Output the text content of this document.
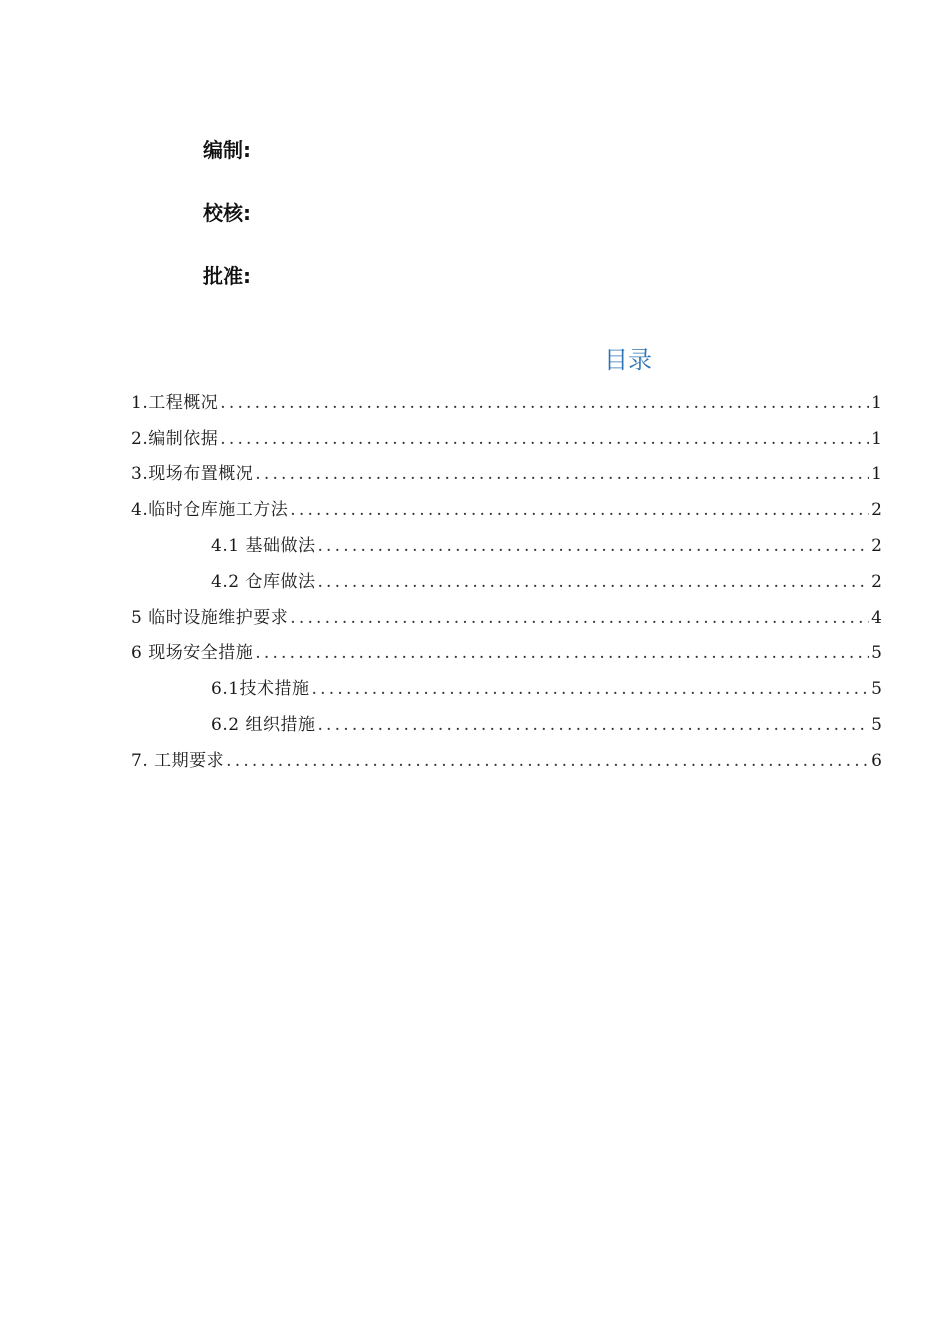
编制:
校核:
批准:
目录
1.工程概况 .....	1
2.编制依据 .....	1
3.现场布置概况 .....	1
4.临时仓库施工方法 .....	2
4.1 基础做法 .....	2
4.2 仓库做法 .....	2
5 临时设施维护要求 .....	4
6 现场安全措施 .....	5
6.1技术措施 .....	5
6.2 组织措施 .....	5
7. 工期要求 .....	6
